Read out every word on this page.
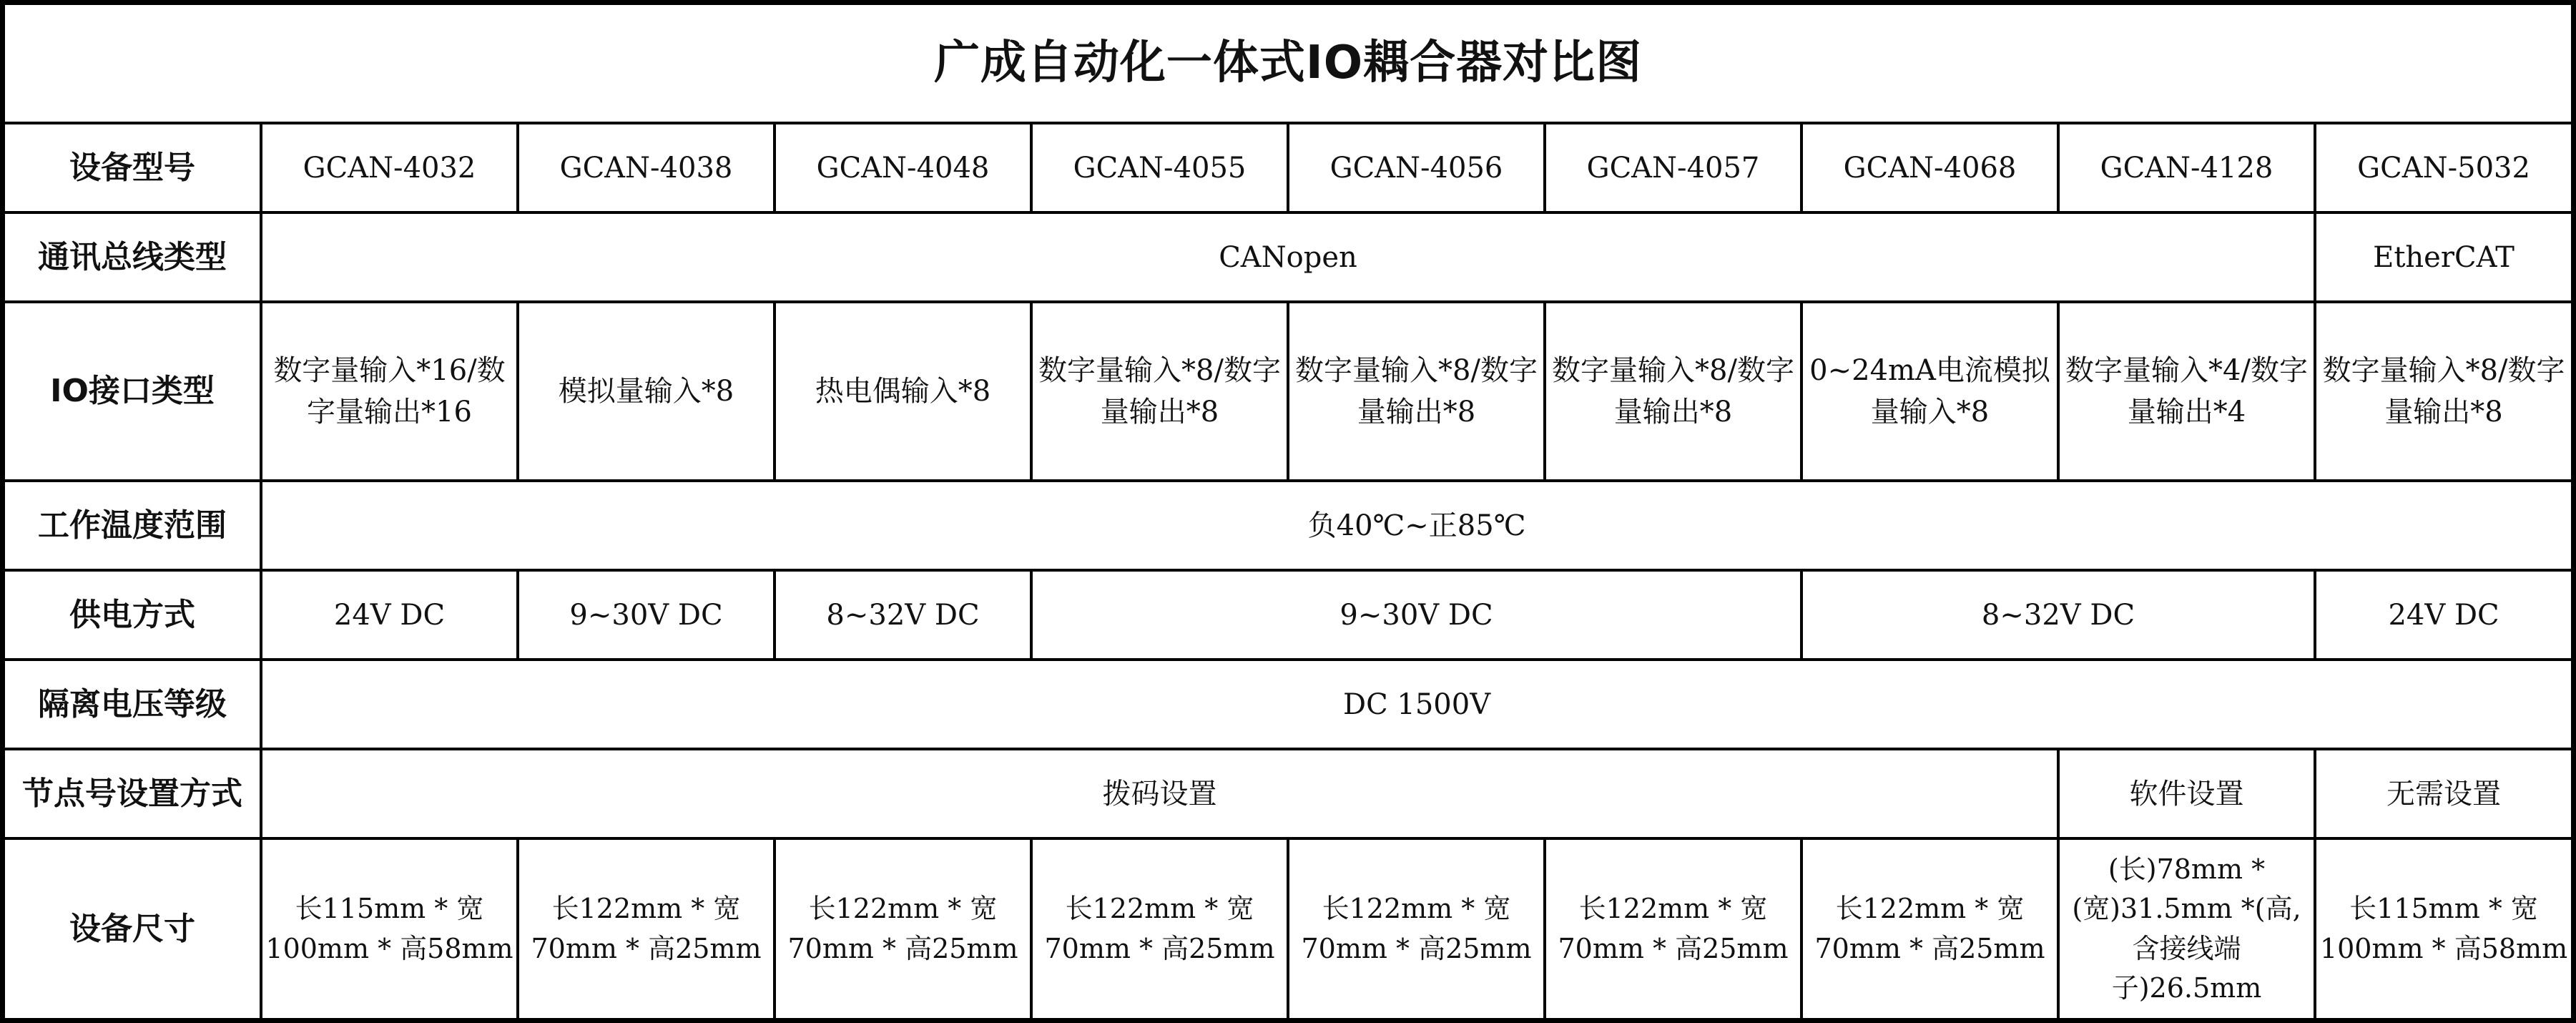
广成自动化一体式IO耦合器对比图									
设备型号	GCAN-4032	GCAN-4038	GCAN-4048	GCAN-4055	GCAN-4056	GCAN-4057	GCAN-4068	GCAN-4128	GCAN-5032
通讯总线类型	CANopen								EtherCAT
IO接口类型	数字量输入*16/数字量输出*16	模拟量输入*8	热电偶输入*8	数字量输入*8/数字量输出*8	数字量输入*8/数字量输出*8	数字量输入*8/数字量输出*8	0~24mA电流模拟量输入*8	数字量输入*4/数字量输出*4	数字量输入*8/数字量输出*8
工作温度范围	负40℃~正85℃								
供电方式	24V DC	9~30V DC	8~32V DC	9~30V DC			8~32V DC		24V DC
隔离电压等级	DC 1500V								
节点号设置方式	拨码设置							软件设置	无需设置
设备尺寸	长115mm * 宽100mm * 高58mm	长122mm * 宽70mm * 高25mm	长122mm * 宽70mm * 高25mm	长122mm * 宽70mm * 高25mm	长122mm * 宽70mm * 高25mm	长122mm * 宽70mm * 高25mm	长122mm * 宽70mm * 高25mm	(长)78mm *(宽)31.5mm *(高,含接线端子)26.5mm	长115mm * 宽100mm * 高58mm
